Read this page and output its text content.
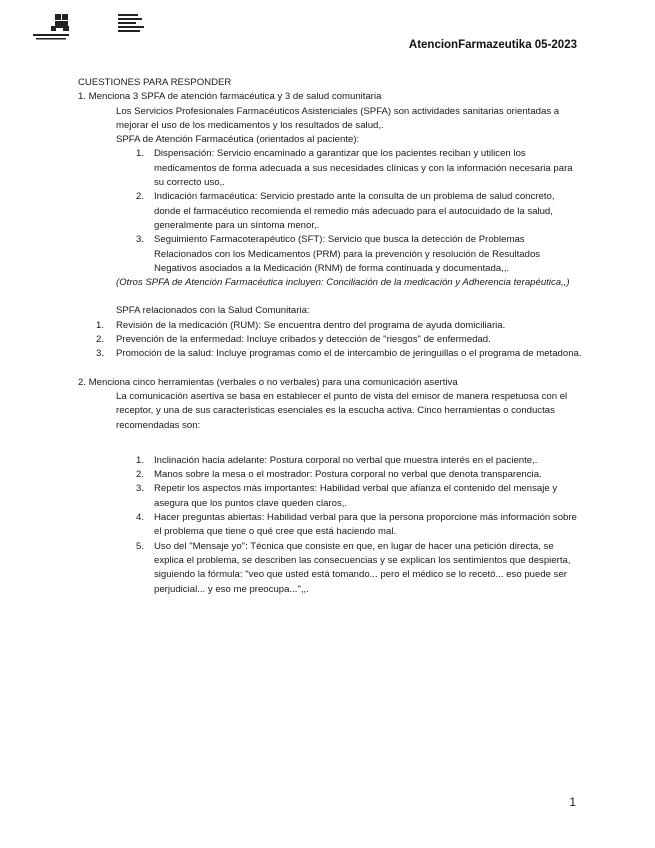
AtencionFarmazeutika 05-2023

CUESTIONES PARA RESPONDER

1. Menciona 3 SPFA de atención farmacéutica y 3 de salud comunitaria

Los Servicios Profesionales Farmacéuticos Asistenciales (SPFA) son actividades sanitarias orientadas a mejorar el uso de los medicamentos y los resultados de salud,.

SPFA de Atención Farmacéutica (orientados al paciente):

1. Dispensación: Servicio encaminado a garantizar que los pacientes reciban y utilicen los medicamentos de forma adecuada a sus necesidades clínicas y con la información necesaria para su correcto uso,.
2. Indicación farmacéutica: Servicio prestado ante la consulta de un problema de salud concreto, donde el farmacéutico recomienda el remedio más adecuado para el autocuidado de la salud, generalmente para un síntoma menor,.
3. Seguimiento Farmacoterapéutico (SFT): Servicio que busca la detección de Problemas Relacionados con los Medicamentos (PRM) para la prevención y resolución de Resultados Negativos asociados a la Medicación (RNM) de forma continuada y documentada,,.

(Otros SPFA de Atención Farmacéutica incluyen: Conciliación de la medicación y Adherencia terapéutica,,)

SPFA relacionados con la Salud Comunitaria:

1. Revisión de la medicación (RUM): Se encuentra dentro del programa de ayuda domiciliaria.
2. Prevención de la enfermedad: Incluye cribados y detección de "riesgos" de enfermedad.
3. Promoción de la salud: Incluye programas como el de intercambio de jeringuillas o el programa de metadona.

2. Menciona cinco herramientas (verbales o no verbales) para una comunicación asertiva

La comunicación asertiva se basa en establecer el punto de vista del emisor de manera respetuosa con el receptor, y una de sus características esenciales es la escucha activa. Cinco herramientas o conductas recomendadas son:

1. Inclinación hacia adelante: Postura corporal no verbal que muestra interés en el paciente,.
2. Manos sobre la mesa o el mostrador: Postura corporal no verbal que denota transparencia.
3. Repetir los aspectos más importantes: Habilidad verbal que afianza el contenido del mensaje y asegura que los puntos clave queden claros,.
4. Hacer preguntas abiertas: Habilidad verbal para que la persona proporcione más información sobre el problema que tiene o qué cree que está haciendo mal.
5. Uso del "Mensaje yo": Técnica que consiste en que, en lugar de hacer una petición directa, se explica el problema, se describen las consecuencias y se explican los sentimientos que despierta, siguiendo la fórmula: "veo que usted está tomando... pero el médico se lo recetó... eso puede ser perjudicial... y eso me preocupa...",,.
1
